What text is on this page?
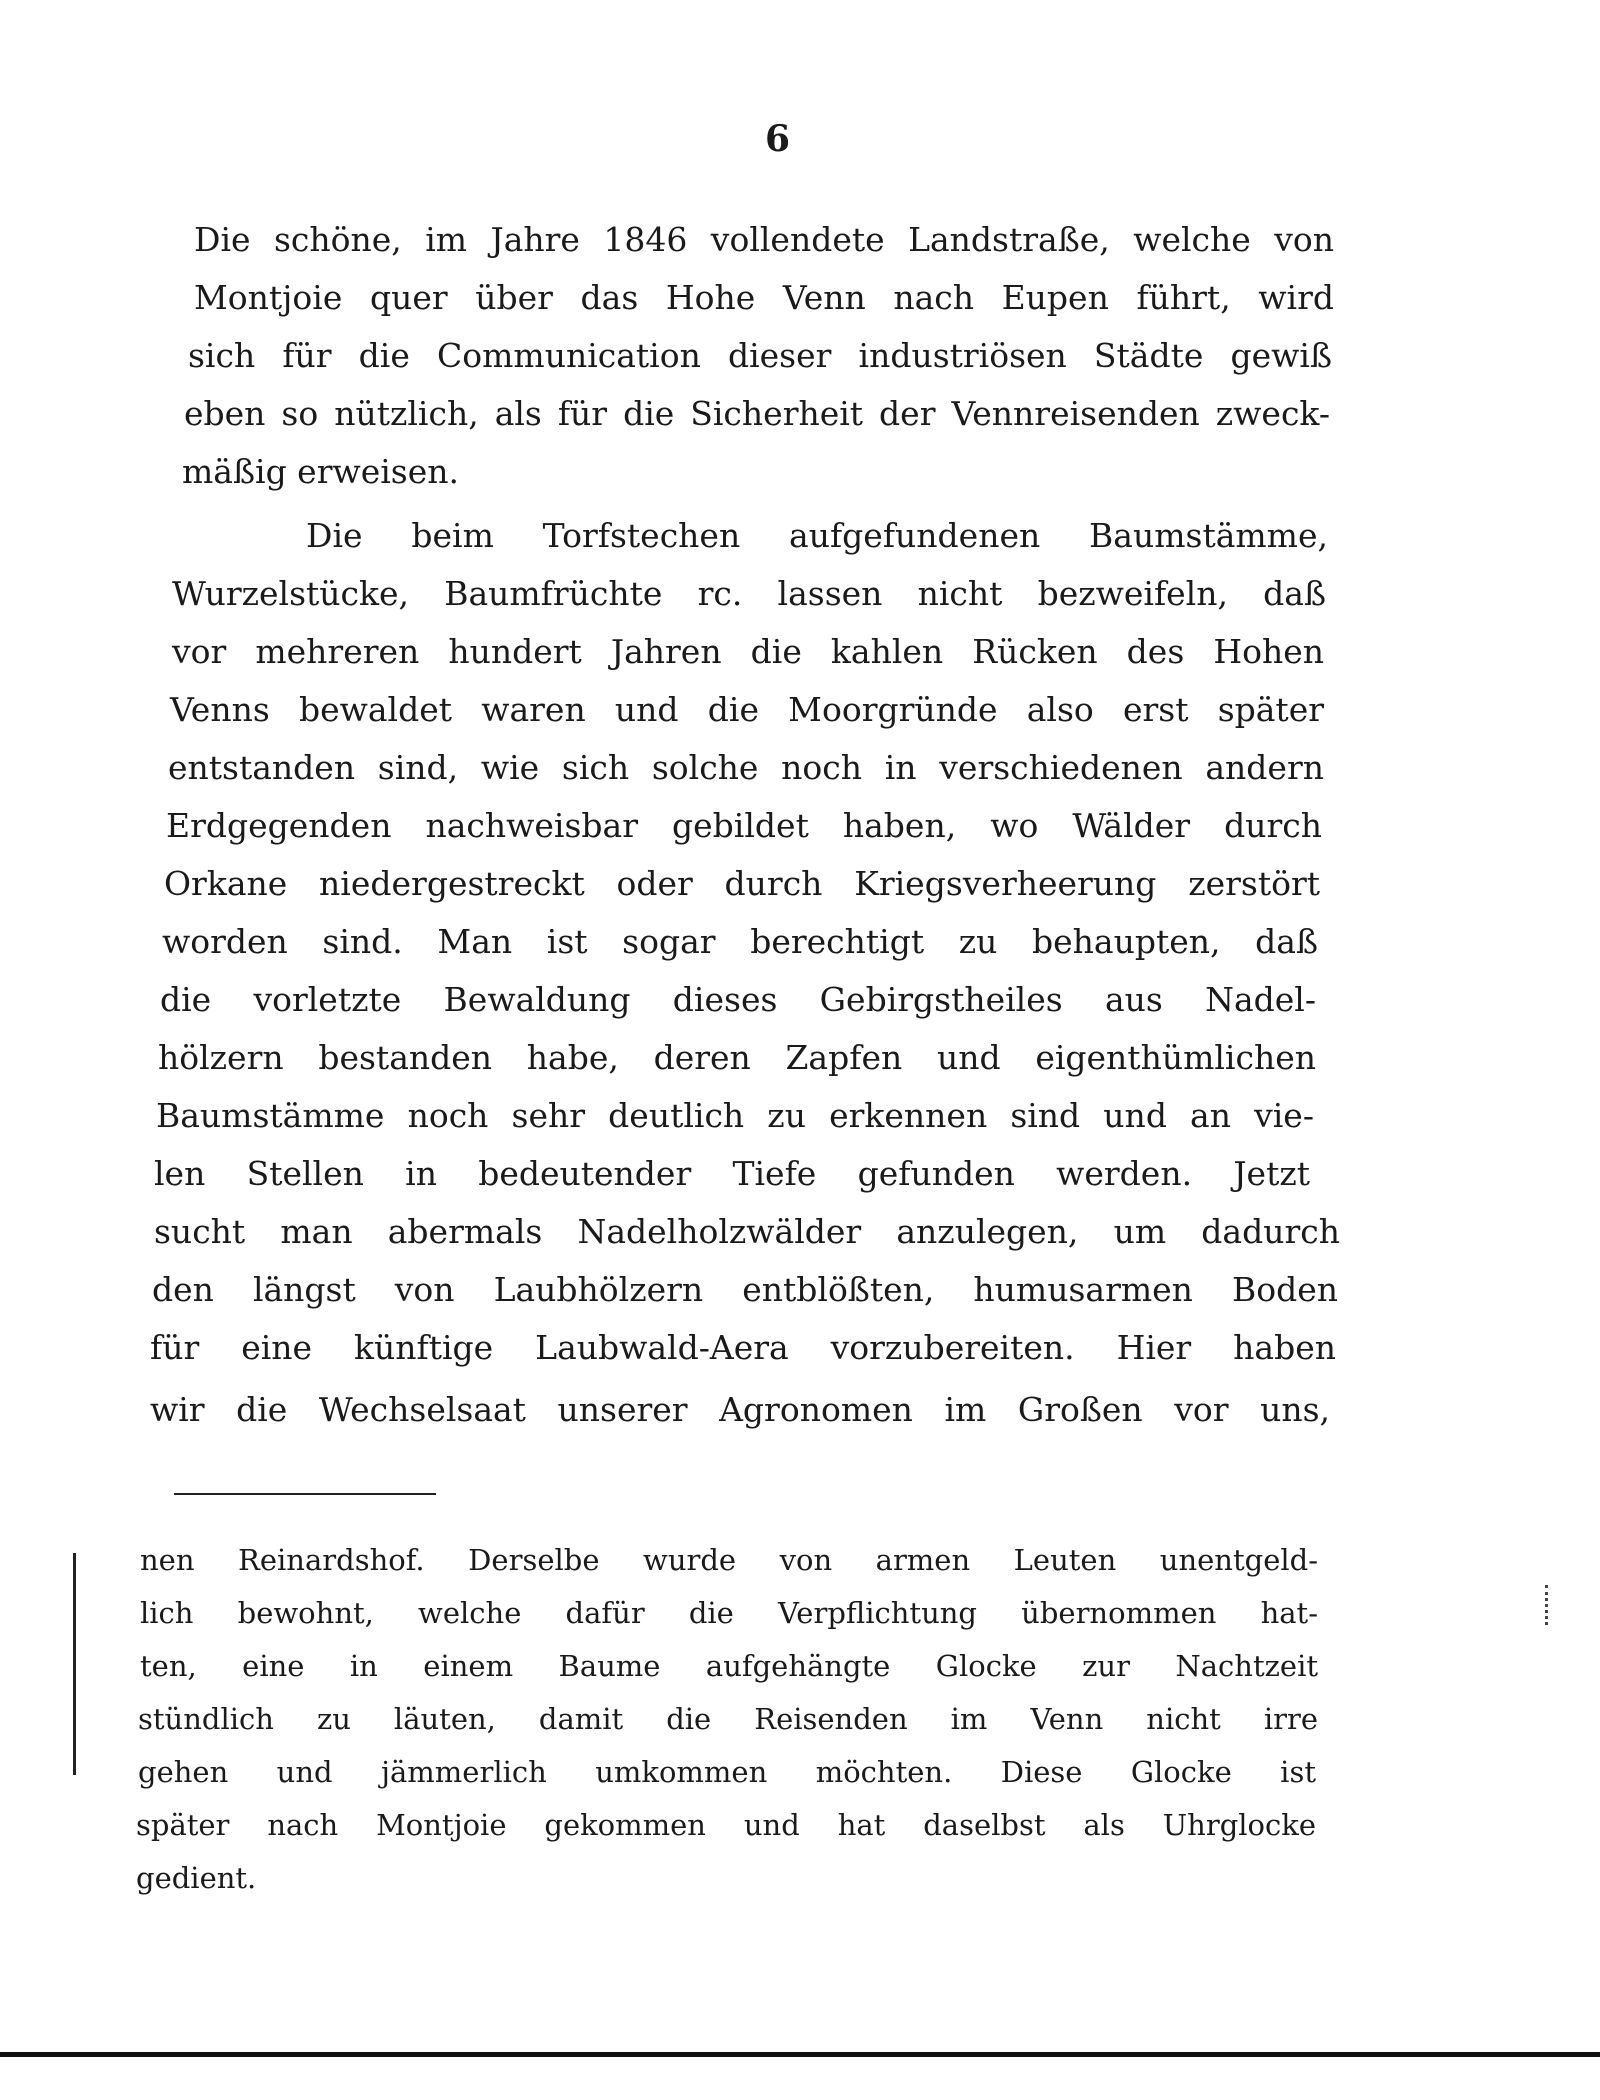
6
Die schöne, im Jahre 1846 vollendete Landstraße, welche von
Montjoie quer über das Hohe Venn nach Eupen führt, wird
sich für die Communication dieser industriösen Städte gewiß
eben so nützlich, als für die Sicherheit der Vennreisenden zweck-
mäßig erweisen.
Die beim Torfstechen aufgefundenen Baumstämme,
Wurzelstücke, Baumfrüchte rc. lassen nicht bezweifeln, daß
vor mehreren hundert Jahren die kahlen Rücken des Hohen
Venns bewaldet waren und die Moorgründe also erst später
entstanden sind, wie sich solche noch in verschiedenen andern
Erdgegenden nachweisbar gebildet haben, wo Wälder durch
Orkane niedergestreckt oder durch Kriegsverheerung zerstört
worden sind. Man ist sogar berechtigt zu behaupten, daß
die vorletzte Bewaldung dieses Gebirgstheiles aus Nadel-
hölzern bestanden habe, deren Zapfen und eigenthümlichen
Baumstämme noch sehr deutlich zu erkennen sind und an vie-
len Stellen in bedeutender Tiefe gefunden werden. Jetzt
sucht man abermals Nadelholzwälder anzulegen, um dadurch
den längst von Laubhölzern entblößten, humusarmen Boden
für eine künftige Laubwald-Aera vorzubereiten. Hier haben
wir die Wechselsaat unserer Agronomen im Großen vor uns,
nen Reinardshof. Derselbe wurde von armen Leuten unentgeld-
lich bewohnt, welche dafür die Verpflichtung übernommen hat-
ten, eine in einem Baume aufgehängte Glocke zur Nachtzeit
stündlich zu läuten, damit die Reisenden im Venn nicht irre
gehen und jämmerlich umkommen möchten. Diese Glocke ist
später nach Montjoie gekommen und hat daselbst als Uhrglocke
gedient.
